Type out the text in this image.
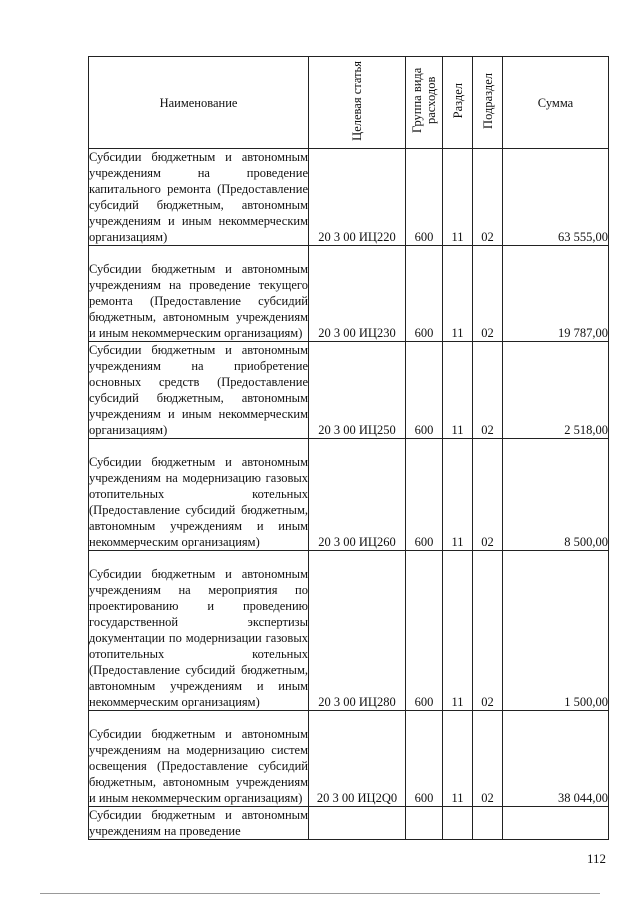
Наименование	Целевая статья	Группа вида расходов	Раздел	Подраздел	Сумма
Субсидии бюджетным и автономным учреждениям на проведение капитального ремонта (Предоставление субсидий бюджетным, автономным учреждениям и иным некоммерческим организациям)	20 3 00 ИЦ220	600	11	02	63 555,00
Субсидии бюджетным и автономным учреждениям на проведение текущего ремонта (Предоставление субсидий бюджетным, автономным учреждениям и иным некоммерческим организациям)	20 3 00 ИЦ230	600	11	02	19 787,00
Субсидии бюджетным и автономным учреждениям на приобретение основных средств (Предоставление субсидий бюджетным, автономным учреждениям и иным некоммерческим организациям)	20 3 00 ИЦ250	600	11	02	2 518,00
Субсидии бюджетным и автономным учреждениям на модернизацию газовых отопительных котельных (Предоставление субсидий бюджетным, автономным учреждениям и иным некоммерческим организациям)	20 3 00 ИЦ260	600	11	02	8 500,00
Субсидии бюджетным и автономным учреждениям на мероприятия по проектированию и проведению государственной экспертизы документации по модернизации газовых отопительных котельных (Предоставление субсидий бюджетным, автономным учреждениям и иным некоммерческим организациям)	20 3 00 ИЦ280	600	11	02	1 500,00
Субсидии бюджетным и автономным учреждениям на модернизацию систем освещения (Предоставление субсидий бюджетным, автономным учреждениям и иным некоммерческим организациям)	20 3 00 ИЦ2Q0	600	11	02	38 044,00
Субсидии бюджетным и автономным учреждениям на проведение					
112
